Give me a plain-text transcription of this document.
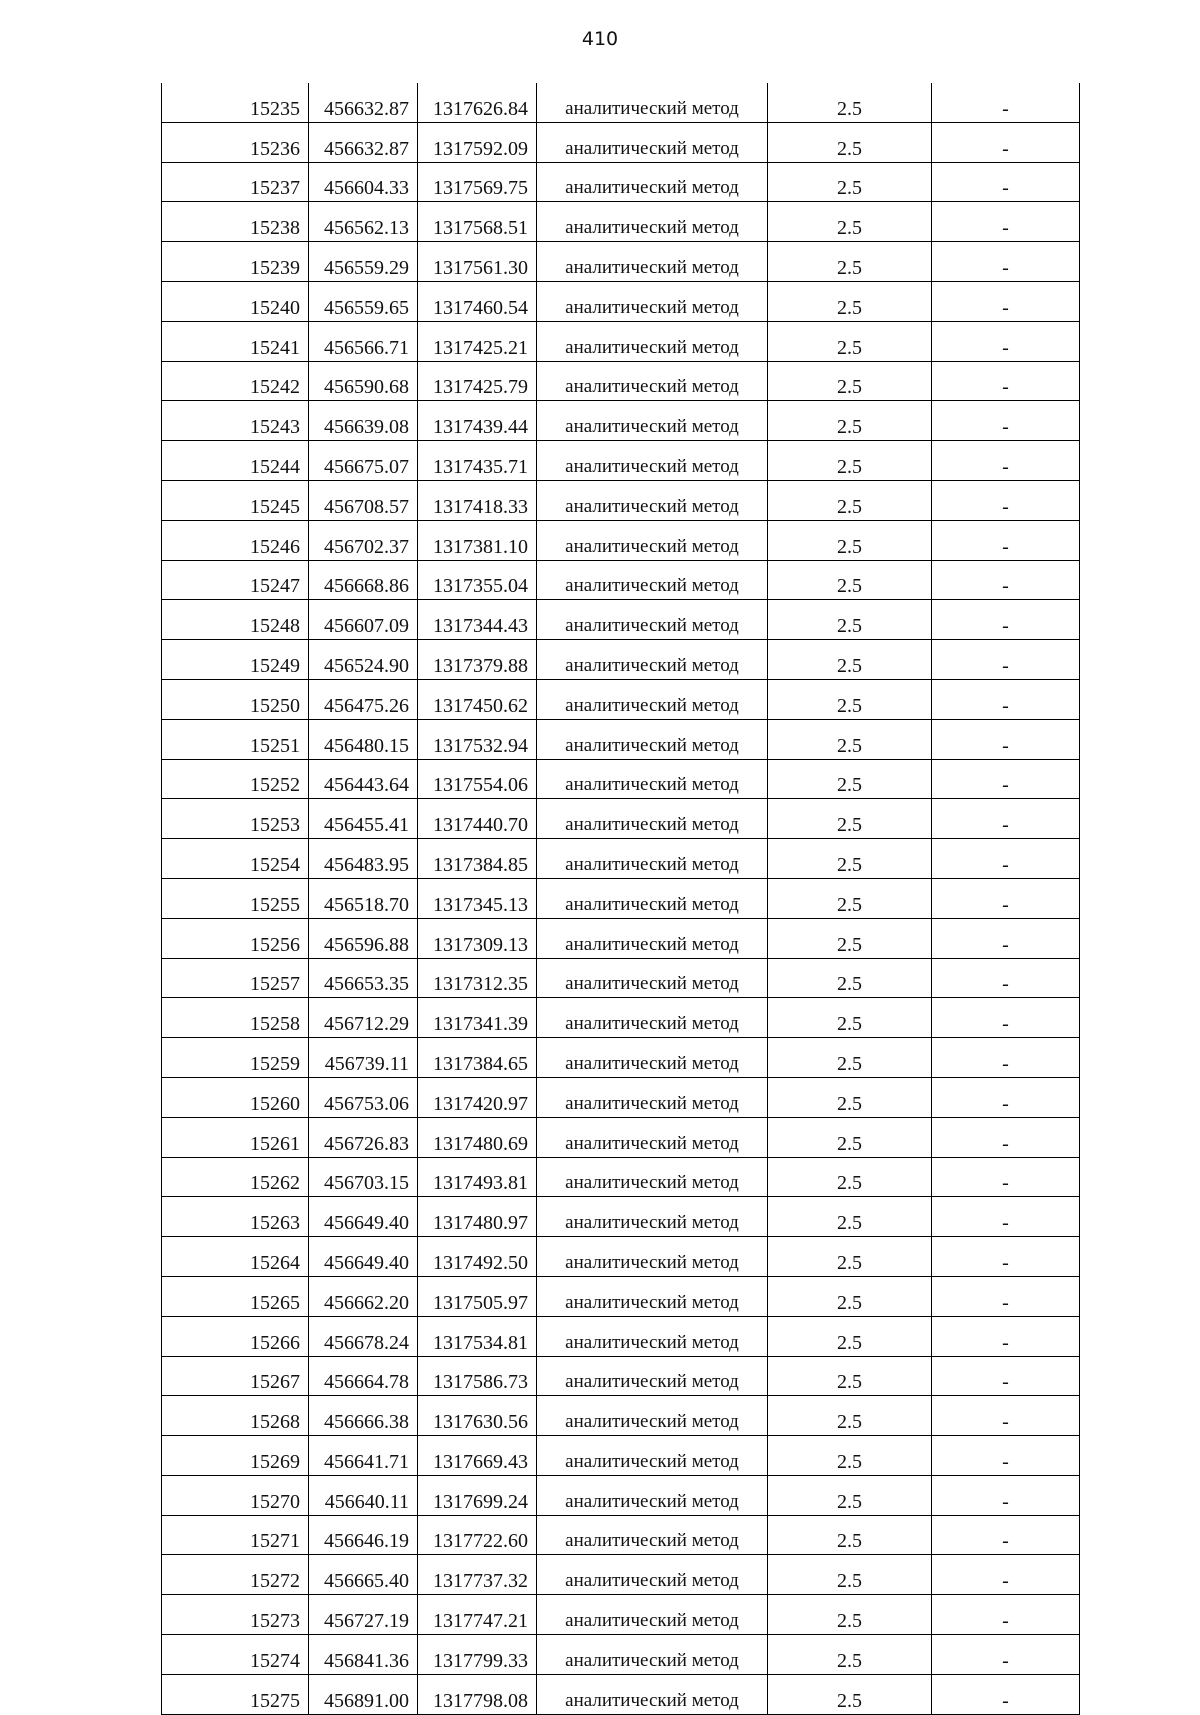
410
15235	456632.87	1317626.84	аналитический метод	2.5	-
15236	456632.87	1317592.09	аналитический метод	2.5	-
15237	456604.33	1317569.75	аналитический метод	2.5	-
15238	456562.13	1317568.51	аналитический метод	2.5	-
15239	456559.29	1317561.30	аналитический метод	2.5	-
15240	456559.65	1317460.54	аналитический метод	2.5	-
15241	456566.71	1317425.21	аналитический метод	2.5	-
15242	456590.68	1317425.79	аналитический метод	2.5	-
15243	456639.08	1317439.44	аналитический метод	2.5	-
15244	456675.07	1317435.71	аналитический метод	2.5	-
15245	456708.57	1317418.33	аналитический метод	2.5	-
15246	456702.37	1317381.10	аналитический метод	2.5	-
15247	456668.86	1317355.04	аналитический метод	2.5	-
15248	456607.09	1317344.43	аналитический метод	2.5	-
15249	456524.90	1317379.88	аналитический метод	2.5	-
15250	456475.26	1317450.62	аналитический метод	2.5	-
15251	456480.15	1317532.94	аналитический метод	2.5	-
15252	456443.64	1317554.06	аналитический метод	2.5	-
15253	456455.41	1317440.70	аналитический метод	2.5	-
15254	456483.95	1317384.85	аналитический метод	2.5	-
15255	456518.70	1317345.13	аналитический метод	2.5	-
15256	456596.88	1317309.13	аналитический метод	2.5	-
15257	456653.35	1317312.35	аналитический метод	2.5	-
15258	456712.29	1317341.39	аналитический метод	2.5	-
15259	456739.11	1317384.65	аналитический метод	2.5	-
15260	456753.06	1317420.97	аналитический метод	2.5	-
15261	456726.83	1317480.69	аналитический метод	2.5	-
15262	456703.15	1317493.81	аналитический метод	2.5	-
15263	456649.40	1317480.97	аналитический метод	2.5	-
15264	456649.40	1317492.50	аналитический метод	2.5	-
15265	456662.20	1317505.97	аналитический метод	2.5	-
15266	456678.24	1317534.81	аналитический метод	2.5	-
15267	456664.78	1317586.73	аналитический метод	2.5	-
15268	456666.38	1317630.56	аналитический метод	2.5	-
15269	456641.71	1317669.43	аналитический метод	2.5	-
15270	456640.11	1317699.24	аналитический метод	2.5	-
15271	456646.19	1317722.60	аналитический метод	2.5	-
15272	456665.40	1317737.32	аналитический метод	2.5	-
15273	456727.19	1317747.21	аналитический метод	2.5	-
15274	456841.36	1317799.33	аналитический метод	2.5	-
15275	456891.00	1317798.08	аналитический метод	2.5	-
